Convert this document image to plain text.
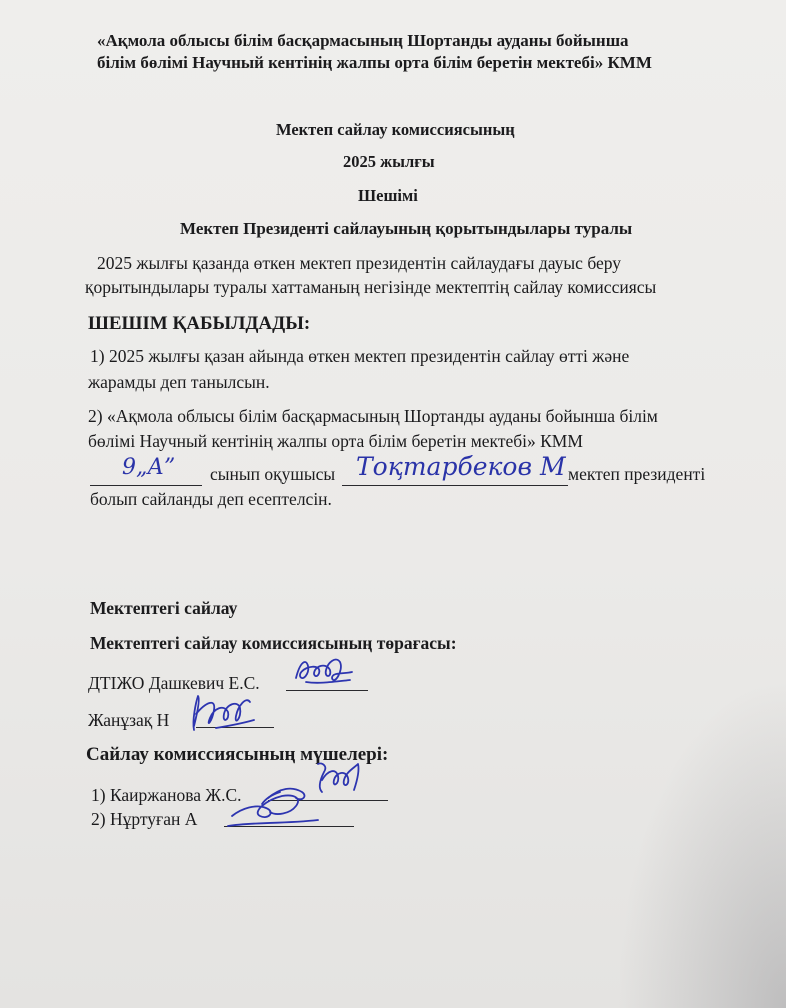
«Ақмола облысы білім басқармасының Шортанды ауданы бойынша
білім бөлімі Научный кентінің жалпы орта білім беретін мектебі» КММ
Мектеп сайлау комиссиясының
2025 жылғы
Шешімі
Мектеп Президенті сайлауының қорытындылары туралы
2025 жылғы қазанда өткен мектеп президентін сайлаудағы дауыс беру
қорытындылары туралы хаттаманың негізінде мектептің сайлау комиссиясы
ШЕШІМ ҚАБЫЛДАДЫ:
1) 2025 жылғы қазан айында өткен мектеп президентін сайлау өтті және
жарамды деп танылсын.
2) «Ақмола облысы білім басқармасының Шортанды ауданы бойынша білім
бөлімі Научный кентінің жалпы орта білім беретін мектебі» КММ
9„А” сынып оқушысы Тоқтарбеков М мектеп президенті
болып сайланды деп есептелсін.
Мектептегі сайлау
Мектептегі сайлау комиссиясының төрағасы:
ДТІЖО Дашкевич Е.С.
Жанұзақ Н
Сайлау комиссиясының мүшелері:
1) Каиржанова Ж.С.
2) Нұртуған А
